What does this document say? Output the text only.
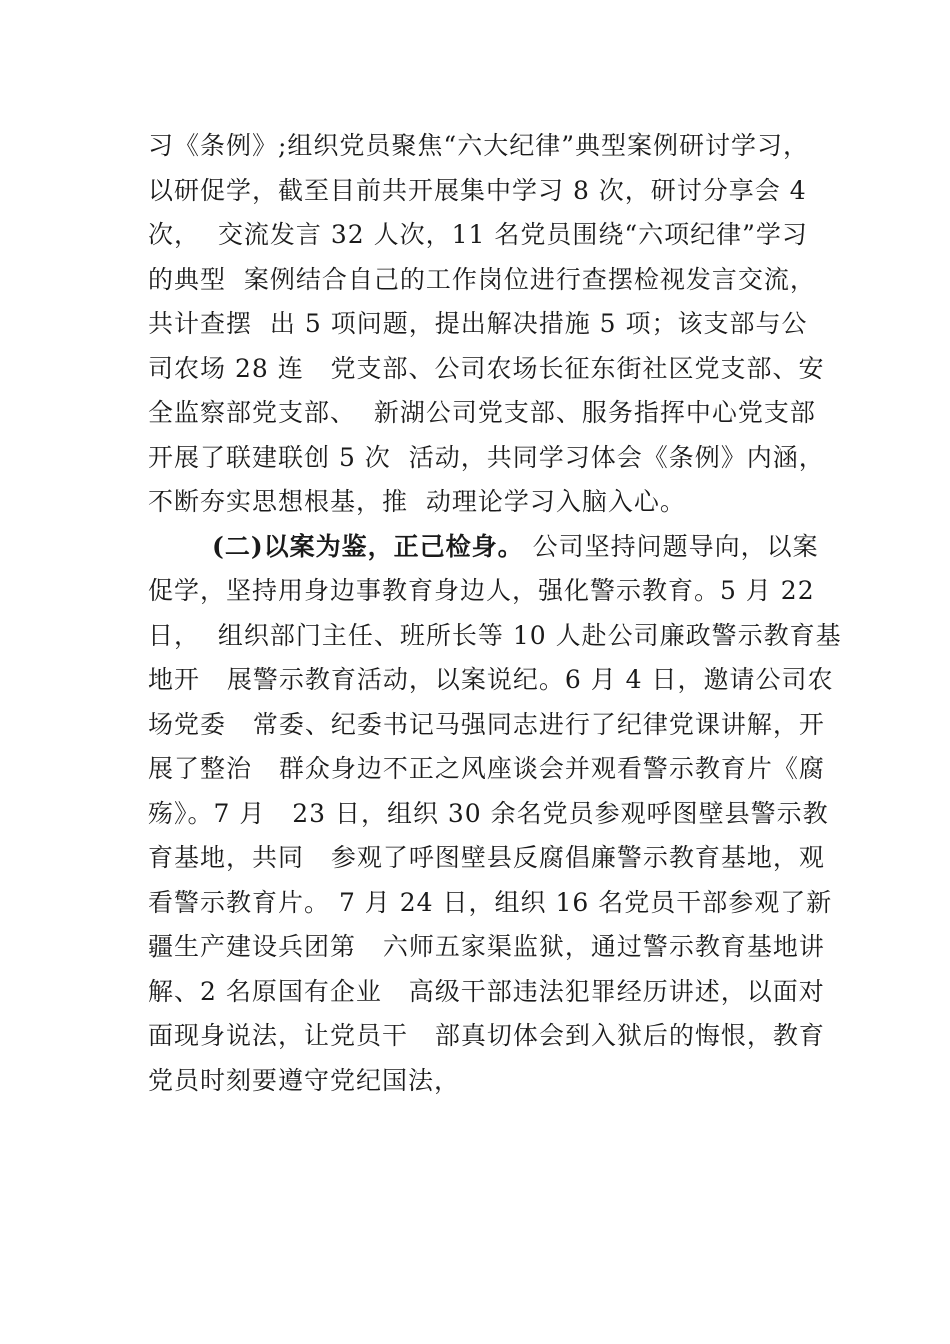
习《条例》;组织党员聚焦“六大纪律”典型案例研讨学习，
以研促学，截至目前共开展集中学习 8 次，研讨分享会 4
次，  交流发言 32 人次，11 名党员围绕“六项纪律”学习
的典型  案例结合自己的工作岗位进行查摆检视发言交流，
共计查摆  出 5 项问题，提出解决措施 5 项；该支部与公
司农场 28 连   党支部、公司农场长征东街社区党支部、安
全监察部党支部、  新湖公司党支部、服务指挥中心党支部
开展了联建联创 5 次  活动，共同学习体会《条例》内涵，
不断夯实思想根基，推  动理论学习入脑入心。
(二)以案为鉴，正己检身。 公司坚持问题导向，以案
促学，坚持用身边事教育身边人，强化警示教育。5 月 22
日，  组织部门主任、班所长等 10 人赴公司廉政警示教育基
地开   展警示教育活动，以案说纪。6 月 4 日，邀请公司农
场党委   常委、纪委书记马强同志进行了纪律党课讲解，开
展了整治   群众身边不正之风座谈会并观看警示教育片《腐
殇》。7 月   23 日，组织 30 余名党员参观呼图壁县警示教
育基地，共同   参观了呼图壁县反腐倡廉警示教育基地，观
看警示教育片。 7 月 24 日，组织 16 名党员干部参观了新
疆生产建设兵团第   六师五家渠监狱，通过警示教育基地讲
解、2 名原国有企业   高级干部违法犯罪经历讲述，以面对
面现身说法，让党员干   部真切体会到入狱后的悔恨，教育
党员时刻要遵守党纪国法，
